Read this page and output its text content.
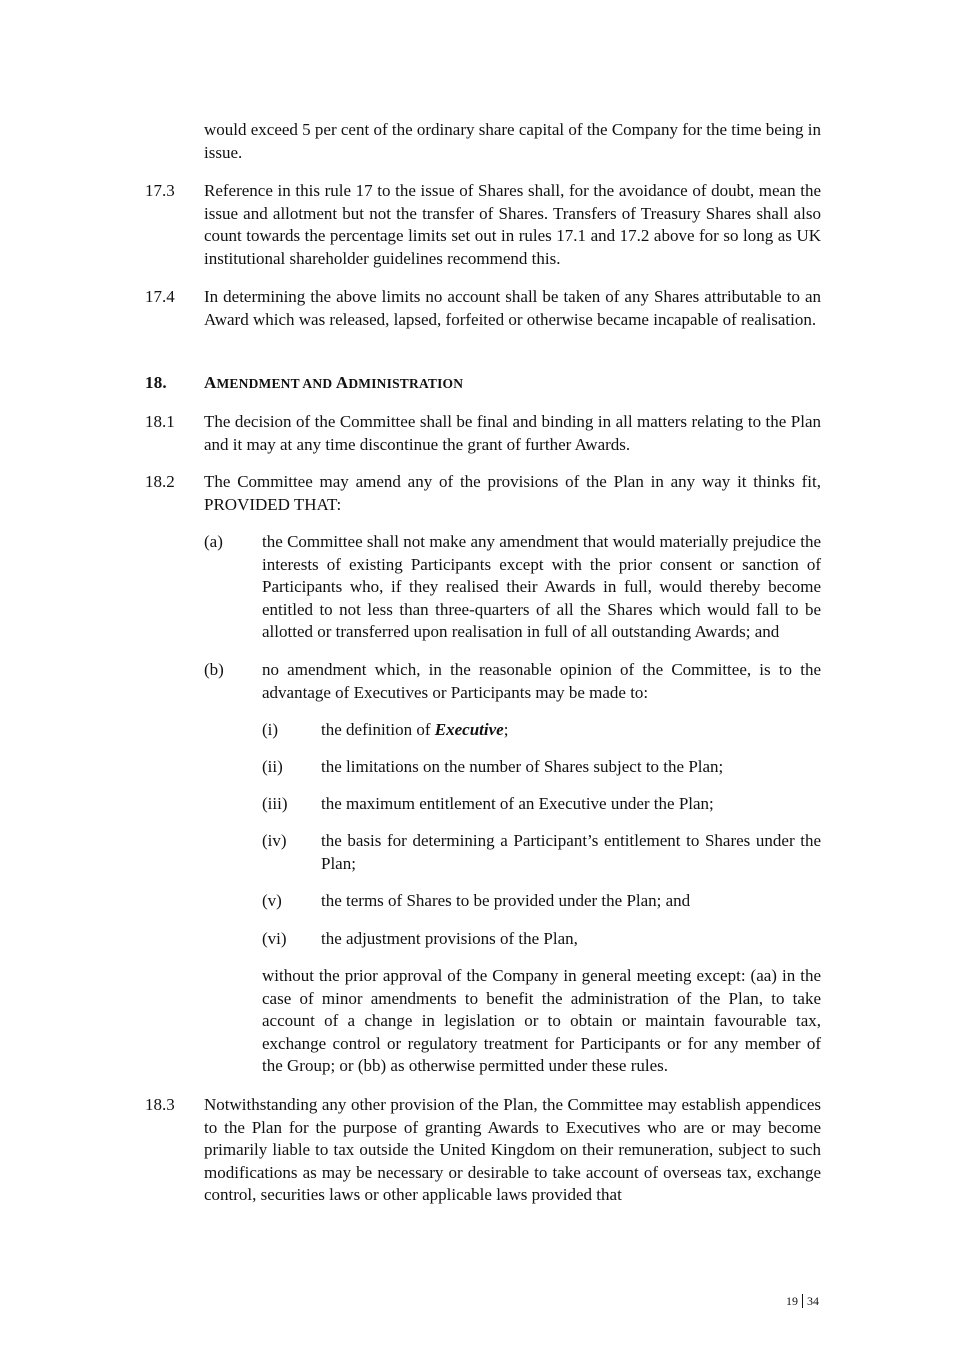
would exceed 5 per cent of the ordinary share capital of the Company for the time being in issue.
17.3 Reference in this rule 17 to the issue of Shares shall, for the avoidance of doubt, mean the issue and allotment but not the transfer of Shares. Transfers of Treasury Shares shall also count towards the percentage limits set out in rules 17.1 and 17.2 above for so long as UK institutional shareholder guidelines recommend this.
17.4 In determining the above limits no account shall be taken of any Shares attributable to an Award which was released, lapsed, forfeited or otherwise became incapable of realisation.
18. AMENDMENT AND ADMINISTRATION
18.1 The decision of the Committee shall be final and binding in all matters relating to the Plan and it may at any time discontinue the grant of further Awards.
18.2 The Committee may amend any of the provisions of the Plan in any way it thinks fit, PROVIDED THAT:
(a) the Committee shall not make any amendment that would materially prejudice the interests of existing Participants except with the prior consent or sanction of Participants who, if they realised their Awards in full, would thereby become entitled to not less than three-quarters of all the Shares which would fall to be allotted or transferred upon realisation in full of all outstanding Awards; and
(b) no amendment which, in the reasonable opinion of the Committee, is to the advantage of Executives or Participants may be made to:
(i)	the definition of Executive;
(ii) the limitations on the number of Shares subject to the Plan;
(iii) the maximum entitlement of an Executive under the Plan;
(iv) the basis for determining a Participant’s entitlement to Shares under the Plan;
(v) the terms of Shares to be provided under the Plan; and
(vi) the adjustment provisions of the Plan,
without the prior approval of the Company in general meeting except: (aa) in the case of minor amendments to benefit the administration of the Plan, to take account of a change in legislation or to obtain or maintain favourable tax, exchange control or regulatory treatment for Participants or for any member of the Group; or (bb) as otherwise permitted under these rules.
18.3 Notwithstanding any other provision of the Plan, the Committee may establish appendices to the Plan for the purpose of granting Awards to Executives who are or may become primarily liable to tax outside the United Kingdom on their remuneration, subject to such modifications as may be necessary or desirable to take account of overseas tax, exchange control, securities laws or other applicable laws provided that
19 34
